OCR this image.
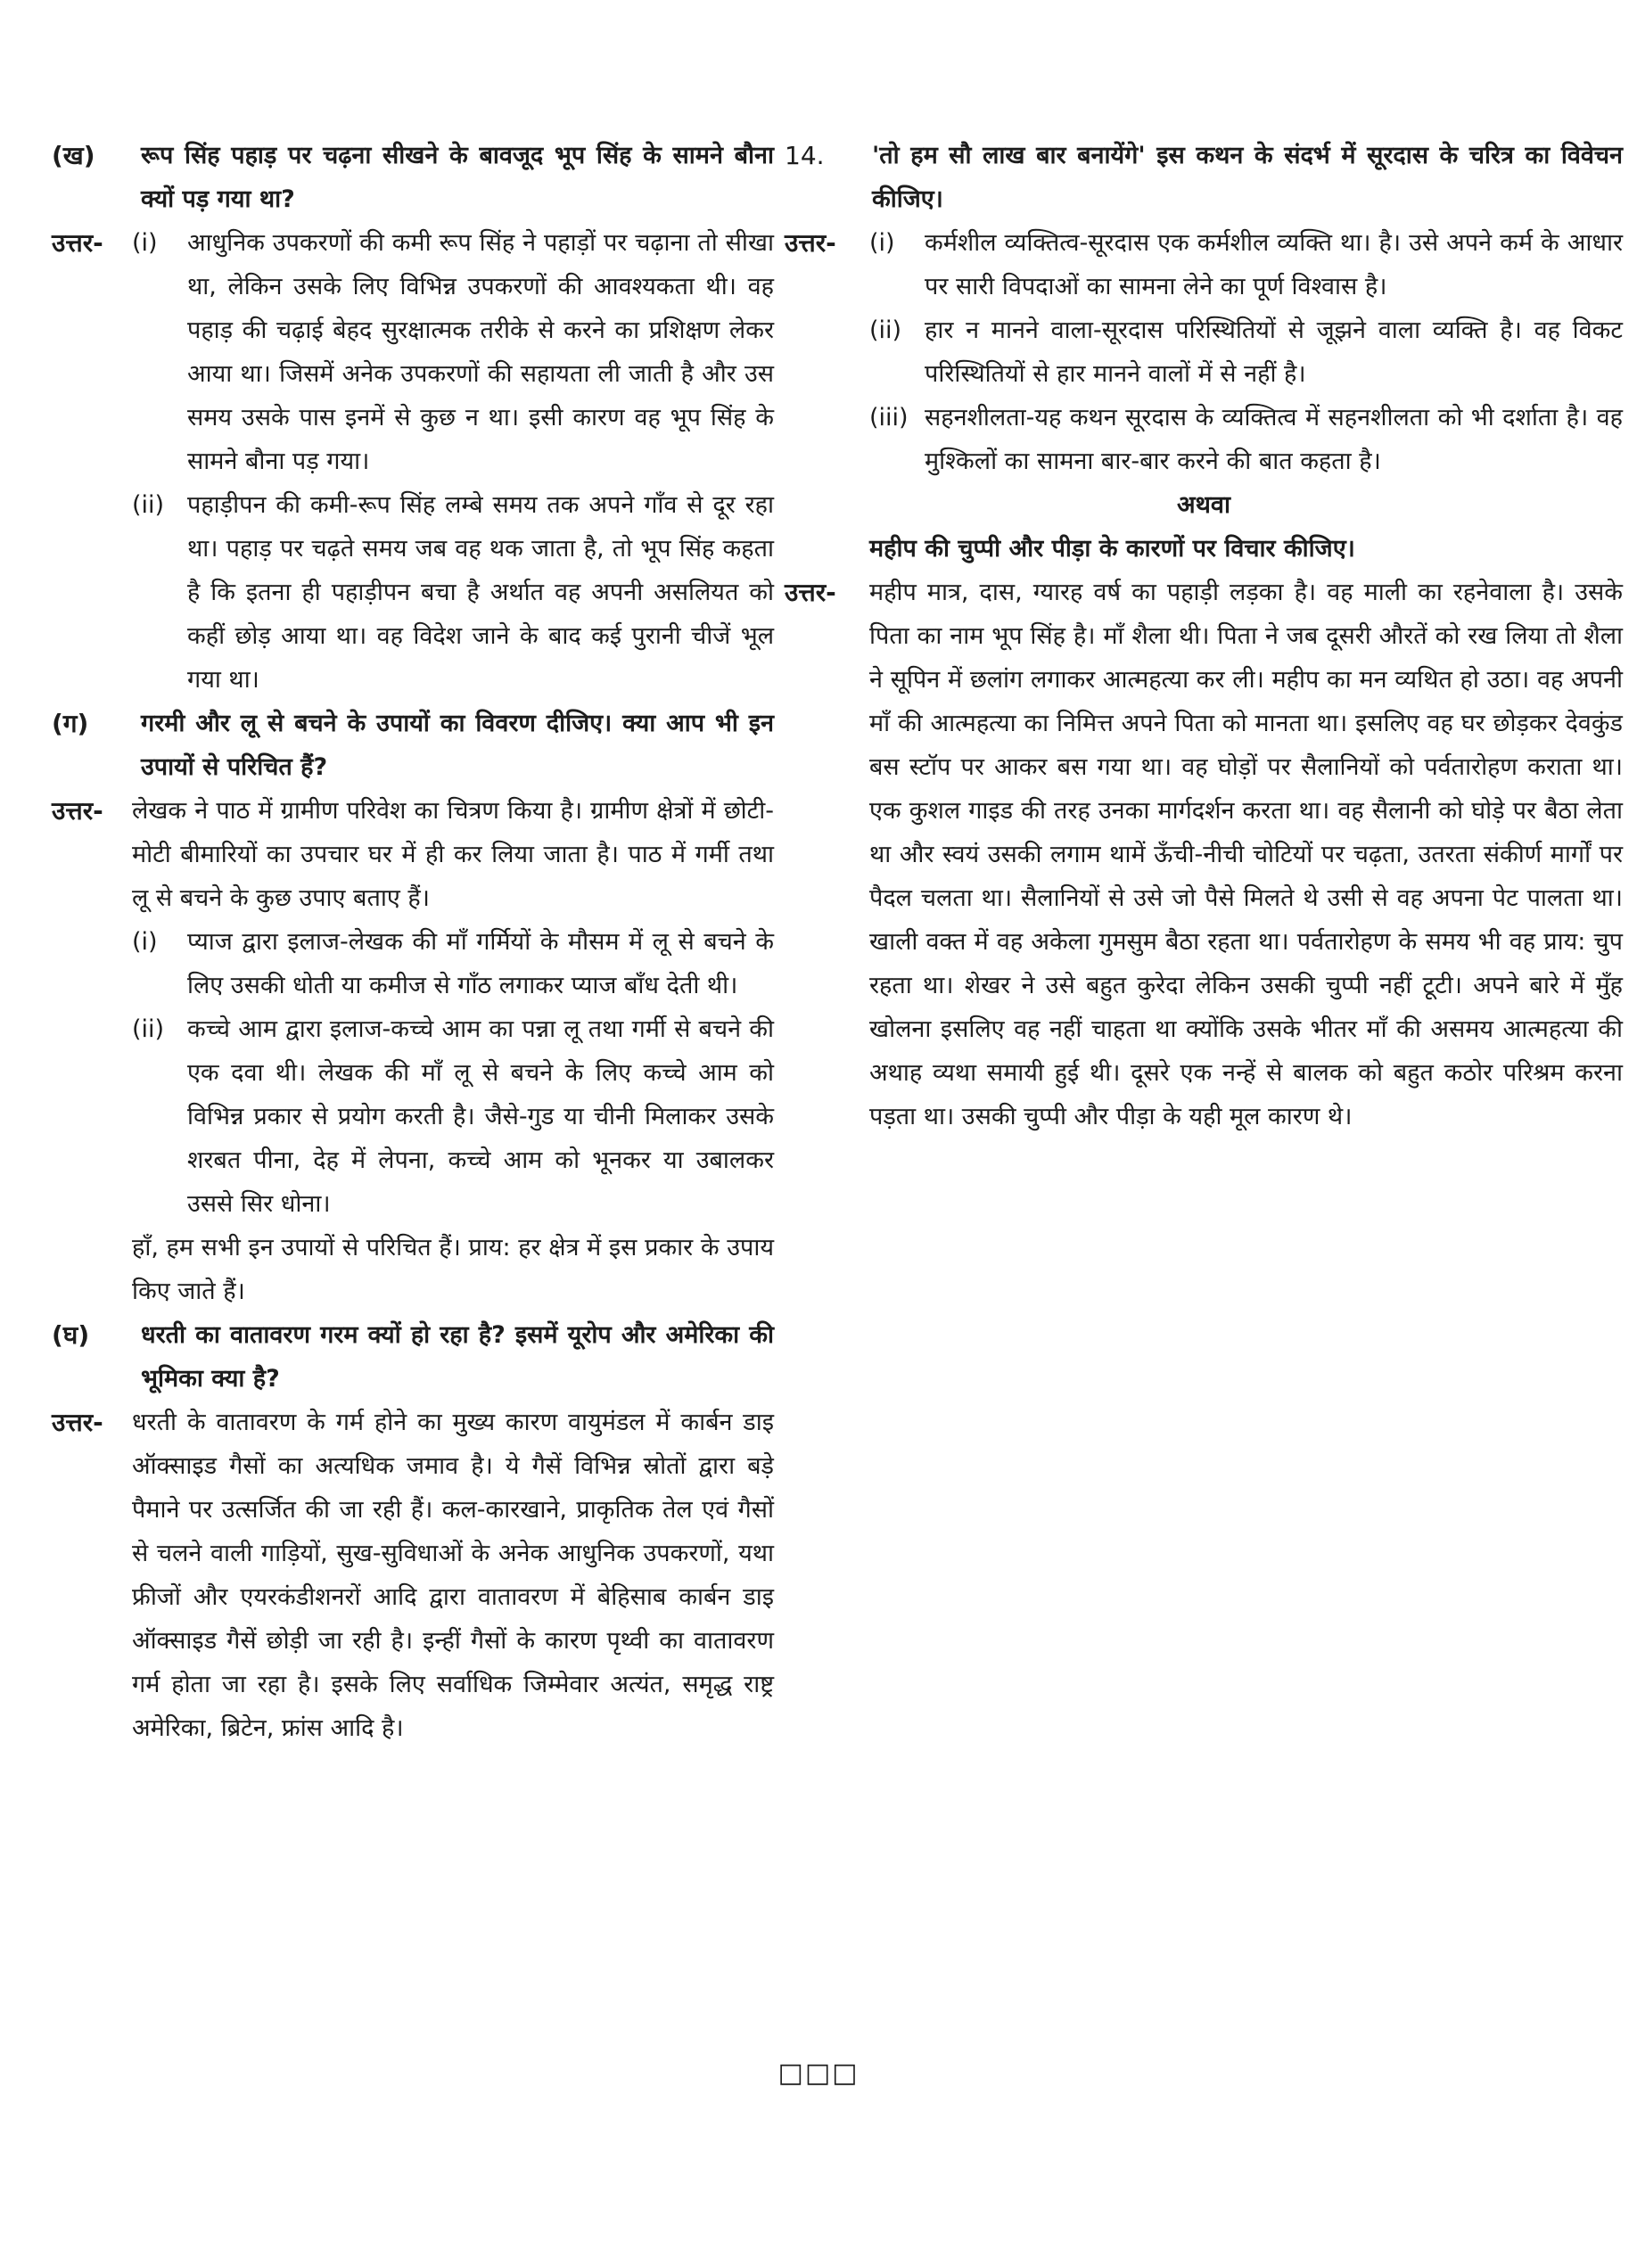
(ख)	रूप सिंह पहाड़ पर चढ़ना सीखने के बावजूद भूप सिंह के सामने बौना क्यों पड़ गया था?

उत्तर-	(i)	आधुनिक उपकरणों की कमी रूप सिंह ने पहाड़ों पर चढ़ाना तो सीखा था, लेकिन उसके लिए विभिन्न उपकरणों की आवश्यकता थी। वह पहाड़ की चढ़ाई बेहद सुरक्षात्मक तरीके से करने का प्रशिक्षण लेकर आया था। जिसमें अनेक उपकरणों की सहायता ली जाती है और उस समय उसके पास इनमें से कुछ न था। इसी कारण वह भूप सिंह के सामने बौना पड़ गया।

(ii) पहाड़ीपन की कमी-रूप सिंह लम्बे समय तक अपने गाँव से दूर रहा था। पहाड़ पर चढ़ते समय जब वह थक जाता है, तो भूप सिंह कहता है कि इतना ही पहाड़ीपन बचा है अर्थात वह अपनी असलियत को कहीं छोड़ आया था। वह विदेश जाने के बाद कई पुरानी चीजें भूल गया था।

(ग)	गरमी और लू से बचने के उपायों का विवरण दीजिए। क्या आप भी इन उपायों से परिचित हैं?

उत्तर-	लेखक ने पाठ में ग्रामीण परिवेश का चित्रण किया है। ग्रामीण क्षेत्रों में छोटी-मोटी बीमारियों का उपचार घर में ही कर लिया जाता है। पाठ में गर्मी तथा लू से बचने के कुछ उपाए बताए हैं।

(i)	प्याज द्वारा इलाज-लेखक की माँ गर्मियों के मौसम में लू से बचने के लिए उसकी धोती या कमीज से गाँठ लगाकर प्याज बाँध देती थी।

(ii) कच्चे आम द्वारा इलाज-कच्चे आम का पन्ना लू तथा गर्मी से बचने की एक दवा थी। लेखक की माँ लू से बचने के लिए कच्चे आम को विभिन्न प्रकार से प्रयोग करती है। जैसे-गुड या चीनी मिलाकर उसके शरबत पीना, देह में लेपना, कच्चे आम को भूनकर या उबालकर उससे सिर धोना।

हाँ, हम सभी इन उपायों से परिचित हैं। प्राय: हर क्षेत्र में इस प्रकार के उपाय किए जाते हैं।

(घ)	धरती का वातावरण गरम क्यों हो रहा है? इसमें यूरोप और अमेरिका की भूमिका क्या है?

उत्तर-	धरती के वातावरण के गर्म होने का मुख्य कारण वायुमंडल में कार्बन डाइ ऑक्साइड गैसों का अत्यधिक जमाव है। ये गैसें विभिन्न स्रोतों द्वारा बड़े पैमाने पर उत्सर्जित की जा रही हैं। कल-कारखाने, प्राकृतिक तेल एवं गैसों से चलने वाली गाड़ियों, सुख-सुविधाओं के अनेक आधुनिक उपकरणों, यथा फ्रीजों और एयरकंडीशनरों आदि द्वारा वातावरण में बेहिसाब कार्बन डाइ ऑक्साइड गैसें छोड़ी जा रही है। इन्हीं गैसों के कारण पृथ्वी का वातावरण गर्म होता जा रहा है। इसके लिए सर्वाधिक जिम्मेवार अत्यंत, समृद्ध राष्ट्र अमेरिका, ब्रिटेन, फ्रांस आदि है।

14.	'तो हम सौ लाख बार बनायेंगे' इस कथन के संदर्भ में सूरदास के चरित्र का विवेचन कीजिए।

उत्तर-	(i)	कर्मशील व्यक्तित्व-सूरदास एक कर्मशील व्यक्ति था। है। उसे अपने कर्म के आधार पर सारी विपदाओं का सामना लेने का पूर्ण विश्वास है।

(ii) हार न मानने वाला-सूरदास परिस्थितियों से जूझने वाला व्यक्ति है। वह विकट परिस्थितियों से हार मानने वालों में से नहीं है।

(iii) सहनशीलता-यह कथन सूरदास के व्यक्तित्व में सहनशीलता को भी दर्शाता है। वह मुश्किलों का सामना बार-बार करने की बात कहता है।

अथवा

महीप की चुप्पी और पीड़ा के कारणों पर विचार कीजिए।

उत्तर-	महीप मात्र, दास, ग्यारह वर्ष का पहाड़ी लड़का है। वह माली का रहनेवाला है। उसके पिता का नाम भूप सिंह है। माँ शैला थी। पिता ने जब दूसरी औरतें को रख लिया तो शैला ने सूपिन में छलांग लगाकर आत्महत्या कर ली। महीप का मन व्यथित हो उठा। वह अपनी माँ की आत्महत्या का निमित्त अपने पिता को मानता था। इसलिए वह घर छोड़कर देवकुंड बस स्टॉप पर आकर बस गया था। वह घोड़ों पर सैलानियों को पर्वतारोहण कराता था। एक कुशल गाइड की तरह उनका मार्गदर्शन करता था। वह सैलानी को घोड़े पर बैठा लेता था और स्वयं उसकी लगाम थामें ऊँची-नीची चोटियों पर चढ़ता, उतरता संकीर्ण मार्गों पर पैदल चलता था। सैलानियों से उसे जो पैसे मिलते थे उसी से वह अपना पेट पालता था। खाली वक्त में वह अकेला गुमसुम बैठा रहता था। पर्वतारोहण के समय भी वह प्राय: चुप रहता था। शेखर ने उसे बहुत कुरेदा लेकिन उसकी चुप्पी नहीं टूटी। अपने बारे में मुँह खोलना इसलिए वह नहीं चाहता था क्योंकि उसके भीतर माँ की असमय आत्महत्या की अथाह व्यथा समायी हुई थी। दूसरे एक नन्हें से बालक को बहुत कठोर परिश्रम करना पड़ता था। उसकी चुप्पी और पीड़ा के यही मूल कारण थे।

□□□
